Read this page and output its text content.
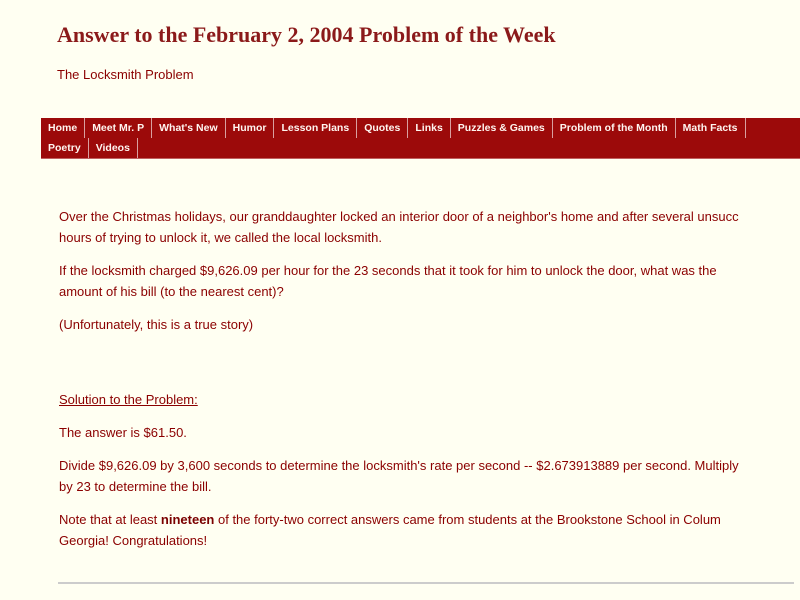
Answer to the February 2, 2004 Problem of the Week
The Locksmith Problem
Home	Meet Mr. P	What's New	Humor	Lesson Plans	Quotes	Links	Puzzles & Games	Problem of the Month	Math Facts
Poetry	Videos

Over the Christmas holidays, our granddaughter locked an interior door of a neighbor's home and after several unsucc
hours of trying to unlock it, we called the local locksmith.

If the locksmith charged $9,626.09 per hour for the 23 seconds that it took for him to unlock the door, what was the
amount of his bill (to the nearest cent)?

(Unfortunately, this is a true story)

Solution to the Problem:

The answer is $61.50.

Divide $9,626.09 by 3,600 seconds to determine the locksmith's rate per second -- $2.673913889 per second. Multiply
by 23 to determine the bill.

Note that at least nineteen of the forty-two correct answers came from students at the Brookstone School in Colum
Georgia! Congratulations!
